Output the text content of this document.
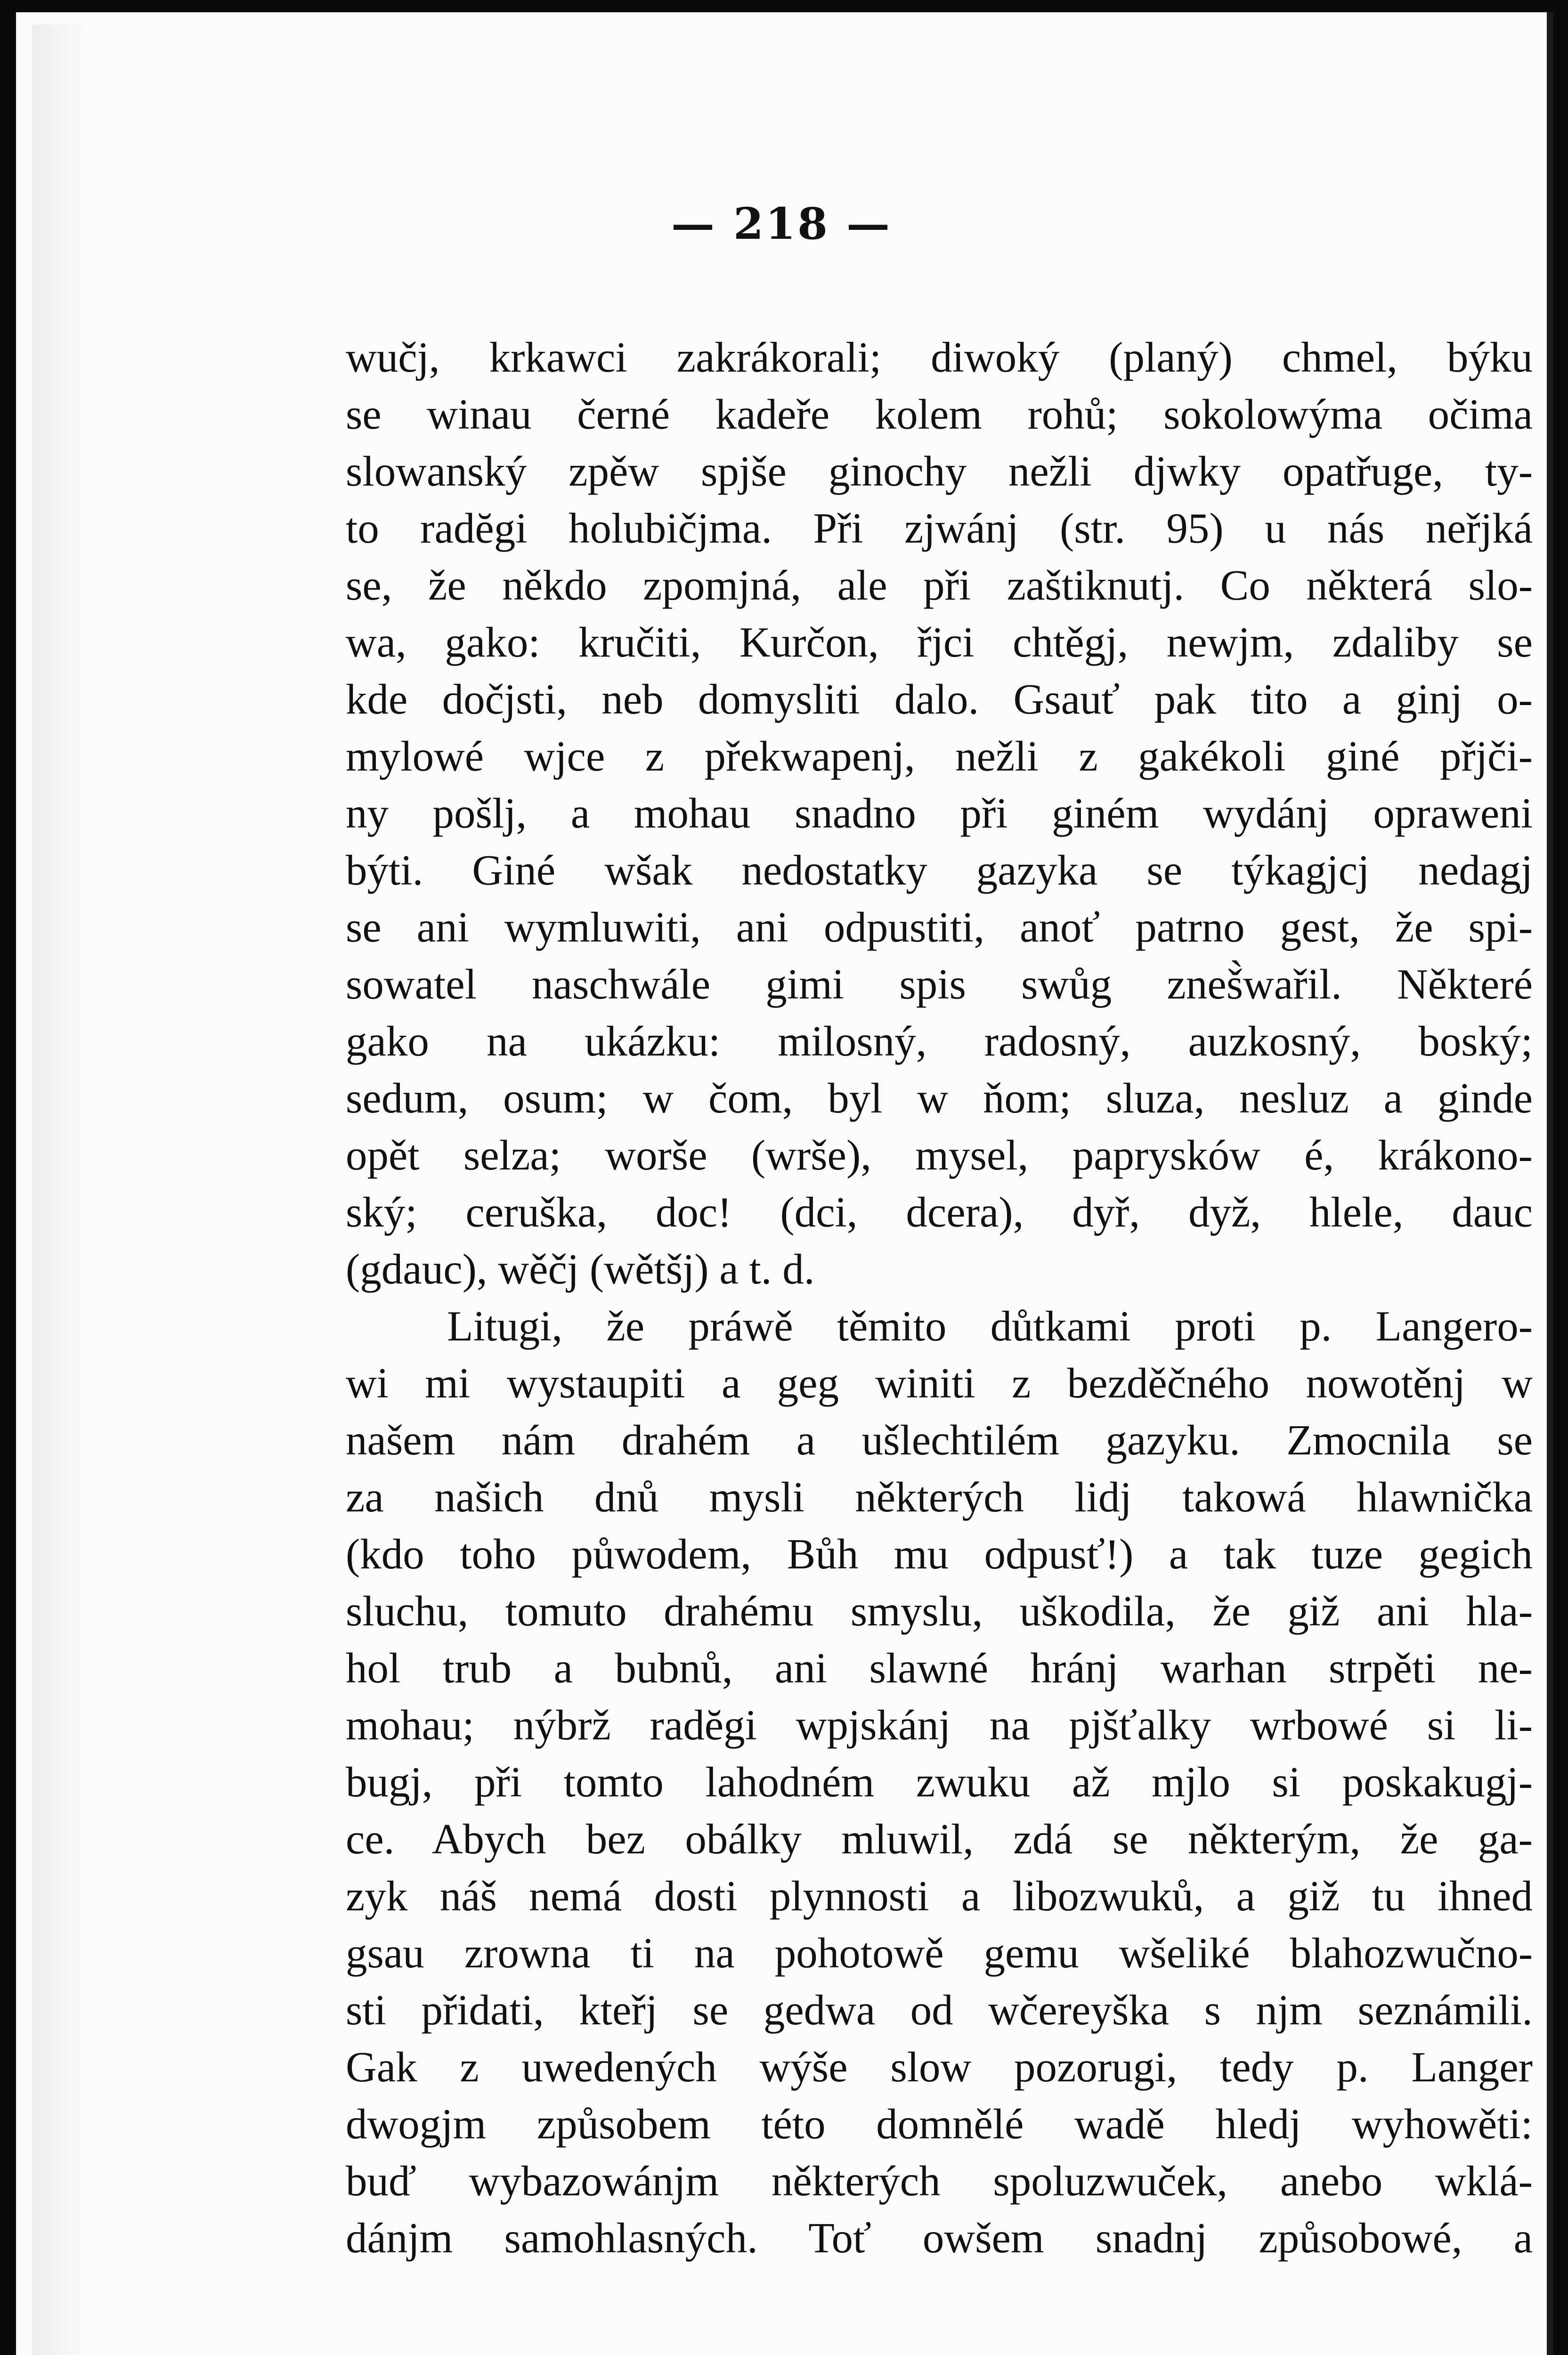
— 218 —
wučj, krkawci zakrákorali; diwoký (planý) chmel, býku
se winau černé kadeře kolem rohů; sokolowýma očima
slowanský zpěw spjše ginochy nežli djwky opatřuge, ty-
to radĕgi holubičjma. Při zjwánj (str. 95) u nás neřjká
se, že někdo zpomjná, ale při zaštiknutj. Co některá slo-
wa, gako: kručiti, Kurčon, řjci chtěgj, newjm, zdaliby se
kde dočjsti, neb domysliti dalo. Gsauť pak tito a ginj o-
mylowé wjce z překwapenj, nežli z gakékoli giné přjči-
ny pošlj, a mohau snadno při giném wydánj opraweni
býti. Giné wšak nedostatky gazyka se týkagjcj nedagj
se ani wymluwiti, ani odpustiti, anoť patrno gest, že spi-
sowatel naschwále gimi spis swůg zneš̀wařil. Některé
gako na ukázku: milosný, radosný, auzkosný, boský;
sedum, osum; w čom, byl w ňom; sluza, nesluz a ginde
opět selza; worše (wrše), mysel, paprysków é, krákono-
ský; ceruška, doc! (dci, dcera), dyř, dyž, hlele, dauc
(gdauc), wěčj (wětšj) a t. d.
Litugi, že práwě těmito důtkami proti p. Langero-
wi mi wystaupiti a geg winiti z bezděčného nowotěnj w
našem nám drahém a ušlechtilém gazyku. Zmocnila se
za našich dnů mysli některých lidj takowá hlawnička
(kdo toho půwodem, Bůh mu odpusť!) a tak tuze gegich
sluchu, tomuto drahému smyslu, uškodila, že giž ani hla-
hol trub a bubnů, ani slawné hránj warhan strpěti ne-
mohau; nýbrž radĕgi wpjskánj na pjšťalky wrbowé si li-
bugj, při tomto lahodném zwuku až mjlo si poskakugj-
ce. Abych bez obálky mluwil, zdá se některým, že ga-
zyk náš nemá dosti plynnosti a libozwuků, a giž tu ihned
gsau zrowna ti na pohotowě gemu wšeliké blahozwučno-
sti přidati, kteřj se gedwa od wčereyška s njm seznámili.
Gak z uwedených wýše slow pozorugi, tedy p. Langer
dwogjm způsobem této domnělé wadě hledj wyhowěti:
buď wybazowánjm některých spoluzwuček, anebo wklá-
dánjm samohlasných. Toť owšem snadnj způsobowé, a
